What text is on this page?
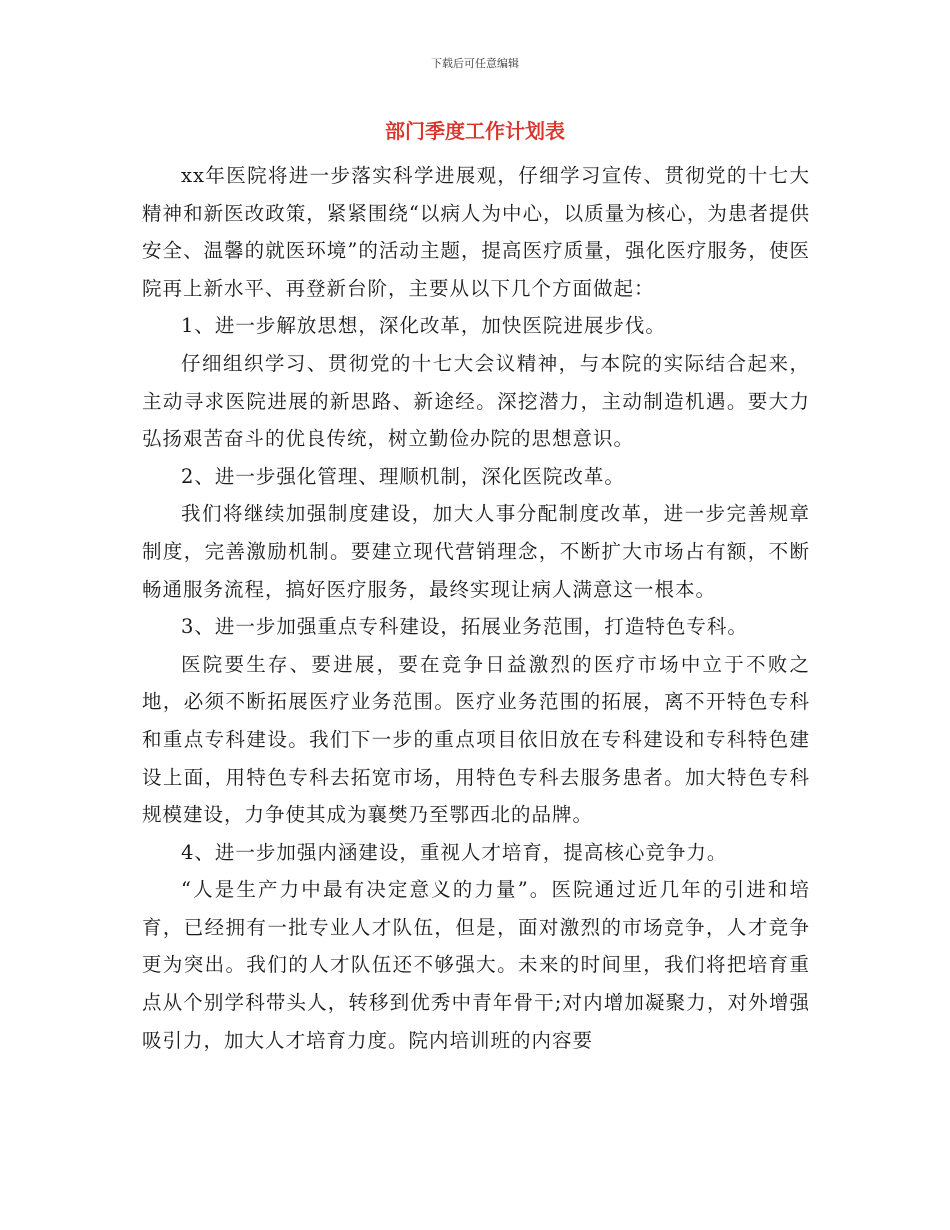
下载后可任意编辑
部门季度工作计划表

xx年医院将进一步落实科学进展观，仔细学习宣传、贯彻党的十七大精神和新医改政策，紧紧围绕“以病人为中心，以质量为核心，为患者提供安全、温馨的就医环境”的活动主题，提高医疗质量，强化医疗服务，使医院再上新水平、再登新台阶，主要从以下几个方面做起：

1、进一步解放思想，深化改革，加快医院进展步伐。

仔细组织学习、贯彻党的十七大会议精神，与本院的实际结合起来，主动寻求医院进展的新思路、新途经。深挖潜力，主动制造机遇。要大力弘扬艰苦奋斗的优良传统，树立勤俭办院的思想意识。

2、进一步强化管理、理顺机制，深化医院改革。

我们将继续加强制度建设，加大人事分配制度改革，进一步完善规章制度，完善激励机制。要建立现代营销理念，不断扩大市场占有额，不断畅通服务流程，搞好医疗服务，最终实现让病人满意这一根本。

3、进一步加强重点专科建设，拓展业务范围，打造特色专科。

医院要生存、要进展，要在竞争日益激烈的医疗市场中立于不败之地，必须不断拓展医疗业务范围。医疗业务范围的拓展，离不开特色专科和重点专科建设。我们下一步的重点项目依旧放在专科建设和专科特色建设上面，用特色专科去拓宽市场，用特色专科去服务患者。加大特色专科规模建设，力争使其成为襄樊乃至鄂西北的品牌。

4、进一步加强内涵建设，重视人才培育，提高核心竞争力。

“人是生产力中最有决定意义的力量”。医院通过近几年的引进和培育，已经拥有一批专业人才队伍，但是，面对激烈的市场竞争，人才竞争更为突出。我们的人才队伍还不够强大。未来的时间里，我们将把培育重点从个别学科带头人，转移到优秀中青年骨干;对内增加凝聚力，对外增强吸引力，加大人才培育力度。院内培训班的内容要
